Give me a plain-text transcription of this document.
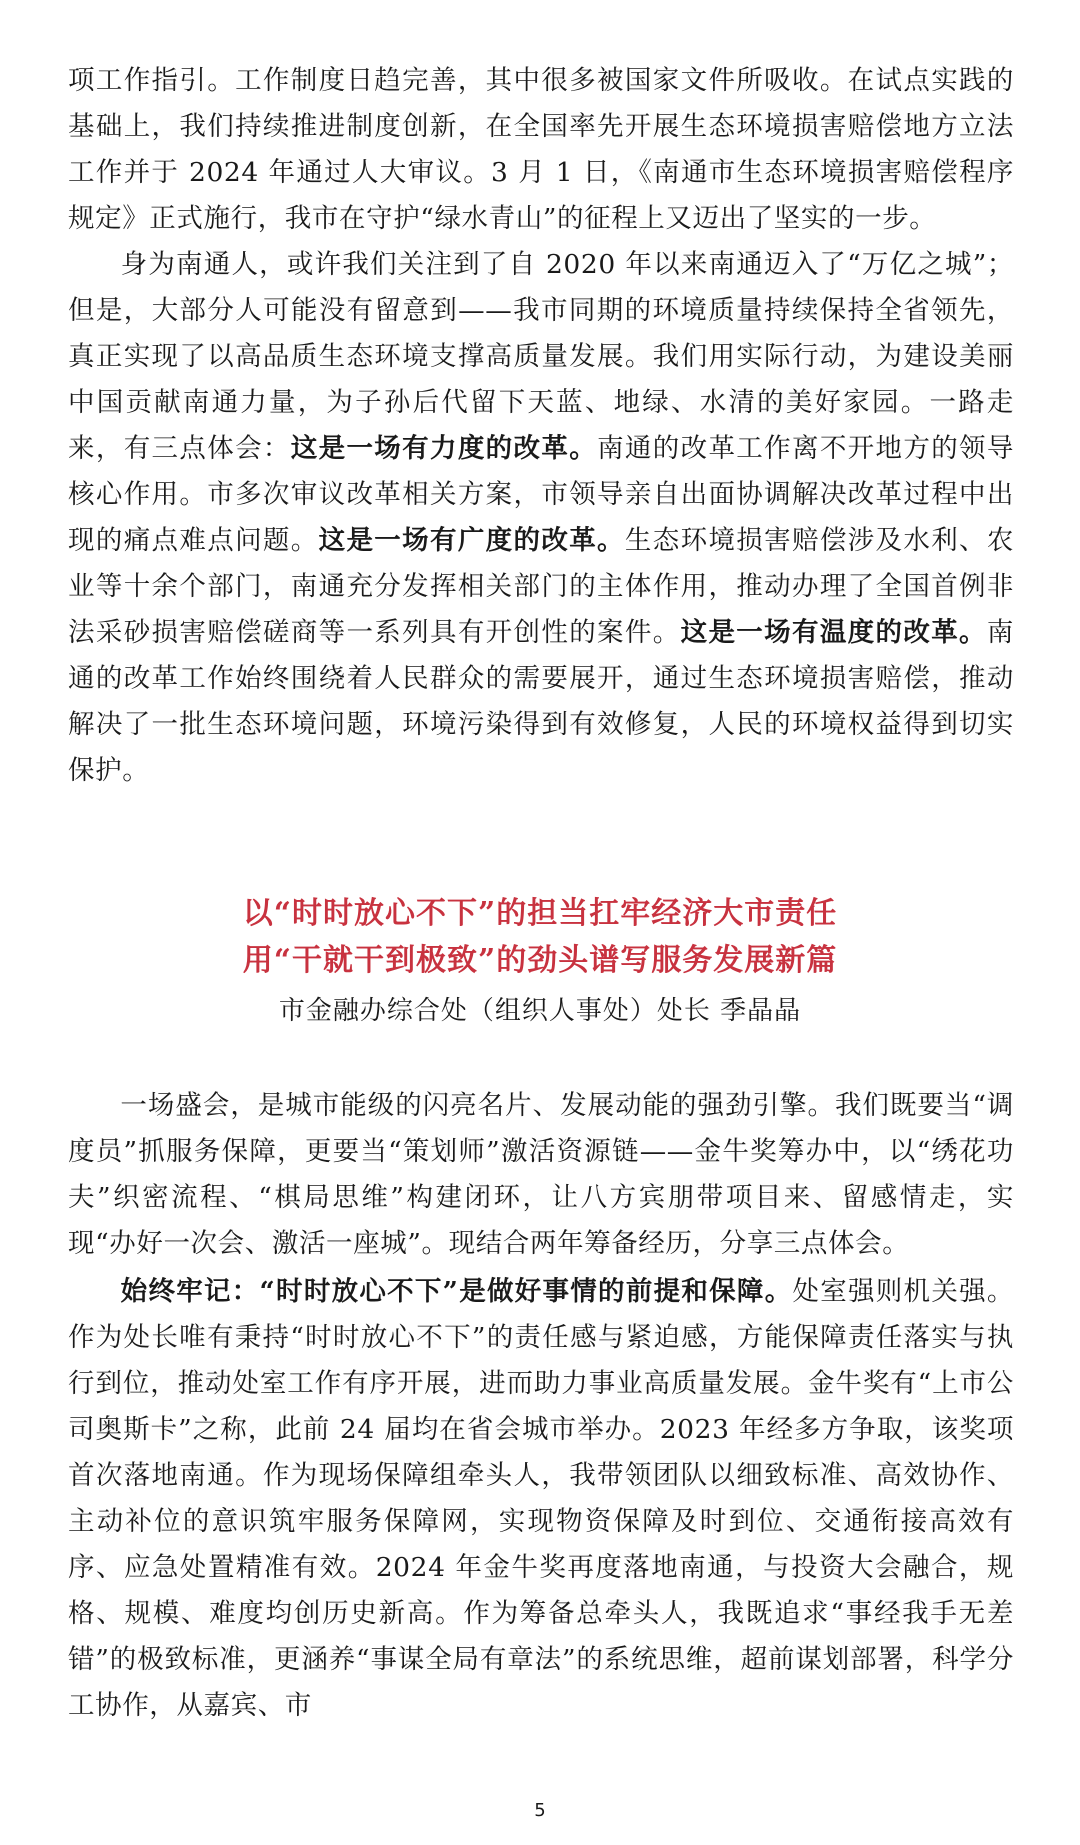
项工作指引。工作制度日趋完善，其中很多被国家文件所吸收。在试点实践的基础上，我们持续推进制度创新，在全国率先开展生态环境损害赔偿地方立法工作并于 2024 年通过人大审议。3 月 1 日，《南通市生态环境损害赔偿程序规定》正式施行，我市在守护“绿水青山”的征程上又迈出了坚实的一步。

身为南通人，或许我们关注到了自 2020 年以来南通迈入了“万亿之城”；但是，大部分人可能没有留意到——我市同期的环境质量持续保持全省领先，真正实现了以高品质生态环境支撑高质量发展。我们用实际行动，为建设美丽中国贡献南通力量，为子孙后代留下天蓝、地绿、水清的美好家园。一路走来，有三点体会：这是一场有力度的改革。南通的改革工作离不开地方的领导核心作用。市多次审议改革相关方案，市领导亲自出面协调解决改革过程中出现的痛点难点问题。这是一场有广度的改革。生态环境损害赔偿涉及水利、农业等十余个部门，南通充分发挥相关部门的主体作用，推动办理了全国首例非法采砂损害赔偿磋商等一系列具有开创性的案件。这是一场有温度的改革。南通的改革工作始终围绕着人民群众的需要展开，通过生态环境损害赔偿，推动解决了一批生态环境问题，环境污染得到有效修复，人民的环境权益得到切实保护。

以“时时放心不下”的担当扛牢经济大市责任
用“干就干到极致”的劲头谱写服务发展新篇

市金融办综合处（组织人事处）处长 季晶晶

一场盛会，是城市能级的闪亮名片、发展动能的强劲引擎。我们既要当“调度员”抓服务保障，更要当“策划师”激活资源链——金牛奖筹办中，以“绣花功夫”织密流程、“棋局思维”构建闭环，让八方宾朋带项目来、留感情走，实现“办好一次会、激活一座城”。现结合两年筹备经历，分享三点体会。

始终牢记：“时时放心不下”是做好事情的前提和保障。处室强则机关强。作为处长唯有秉持“时时放心不下”的责任感与紧迫感，方能保障责任落实与执行到位，推动处室工作有序开展，进而助力事业高质量发展。金牛奖有“上市公司奥斯卡”之称，此前 24 届均在省会城市举办。2023 年经多方争取，该奖项首次落地南通。作为现场保障组牵头人，我带领团队以细致标准、高效协作、主动补位的意识筑牢服务保障网，实现物资保障及时到位、交通衔接高效有序、应急处置精准有效。2024 年金牛奖再度落地南通，与投资大会融合，规格、规模、难度均创历史新高。作为筹备总牵头人，我既追求“事经我手无差错”的极致标准，更涵养“事谋全局有章法”的系统思维，超前谋划部署，科学分工协作，从嘉宾、市

5
